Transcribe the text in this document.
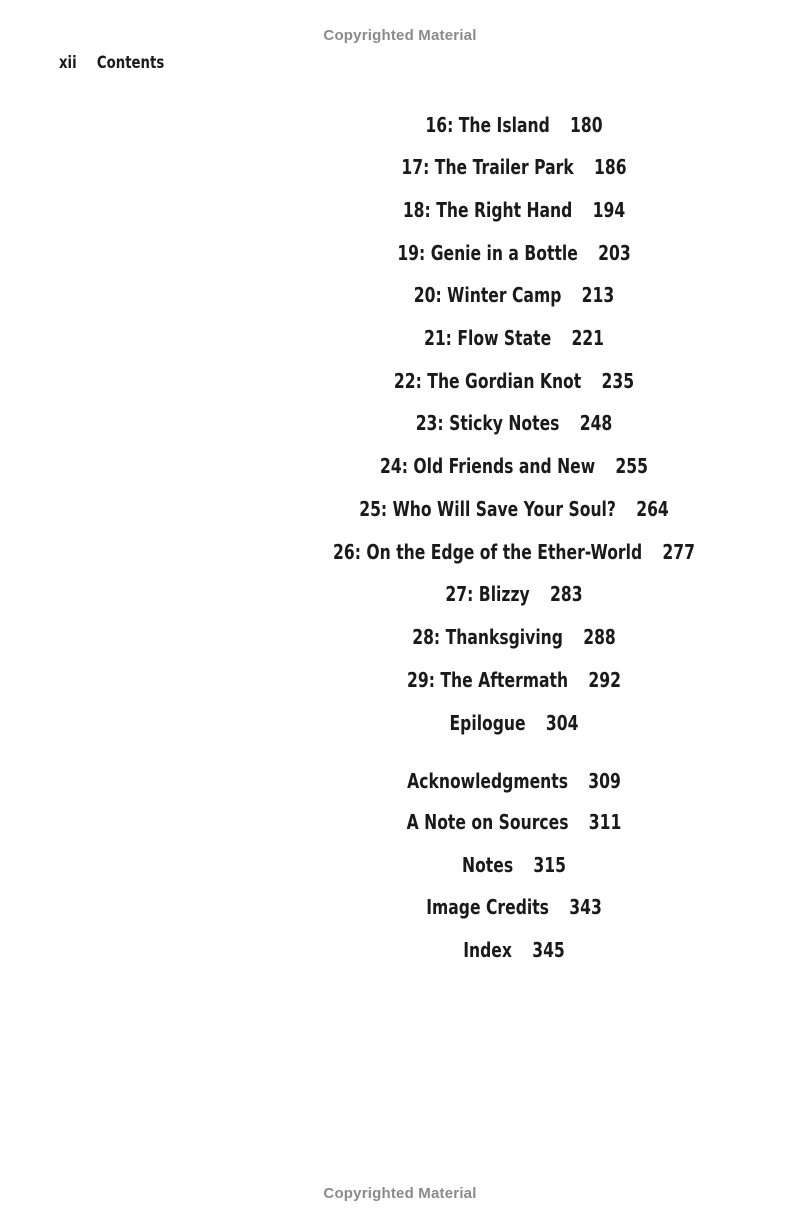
Copyrighted Material
xii Contents
16: The Island 180
17: The Trailer Park 186
18: The Right Hand 194
19: Genie in a Bottle 203
20: Winter Camp 213
21: Flow State 221
22: The Gordian Knot 235
23: Sticky Notes 248
24: Old Friends and New 255
25: Who Will Save Your Soul? 264
26: On the Edge of the Ether-World 277
27: Blizzy 283
28: Thanksgiving 288
29: The Aftermath 292
Epilogue 304
Acknowledgments 309
A Note on Sources 311
Notes 315
Image Credits 343
Index 345
Copyrighted Material
